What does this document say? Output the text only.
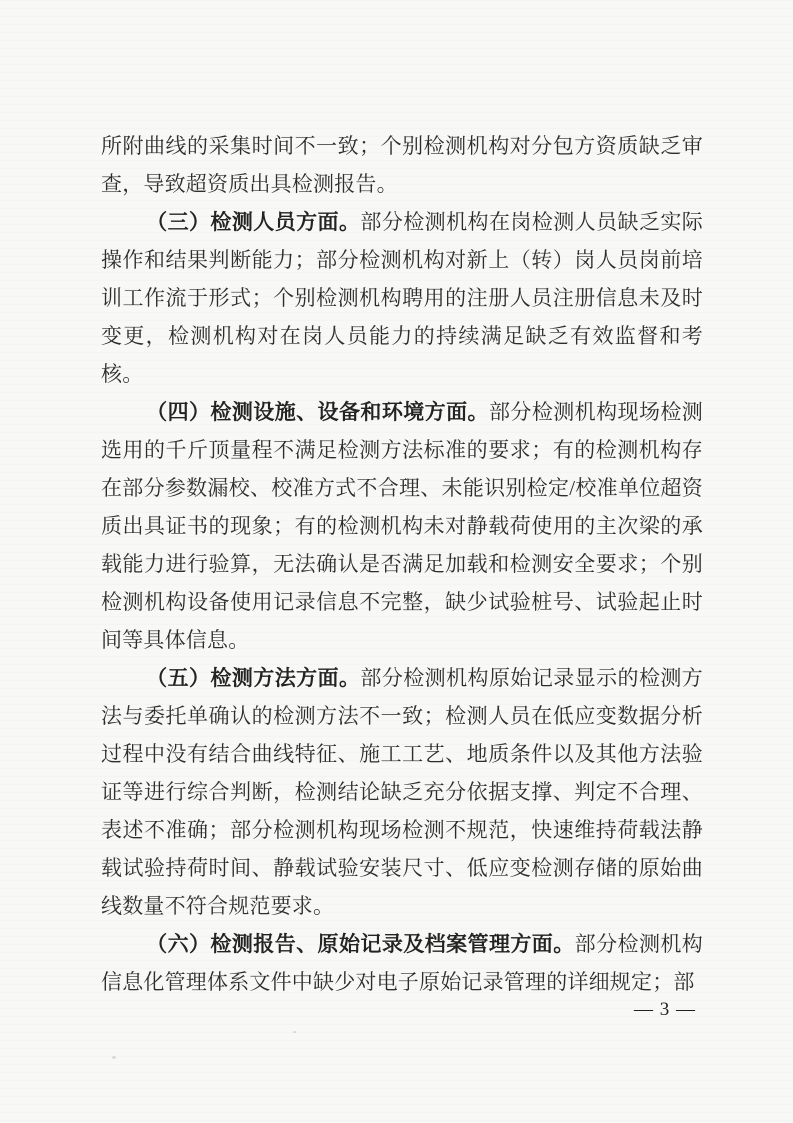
所附曲线的采集时间不一致；个别检测机构对分包方资质缺乏审查，导致超资质出具检测报告。

（三）检测人员方面。部分检测机构在岗检测人员缺乏实际操作和结果判断能力；部分检测机构对新上（转）岗人员岗前培训工作流于形式；个别检测机构聘用的注册人员注册信息未及时变更，检测机构对在岗人员能力的持续满足缺乏有效监督和考核。

（四）检测设施、设备和环境方面。部分检测机构现场检测选用的千斤顶量程不满足检测方法标准的要求；有的检测机构存在部分参数漏校、校准方式不合理、未能识别检定/校准单位超资质出具证书的现象；有的检测机构未对静载荷使用的主次梁的承载能力进行验算，无法确认是否满足加载和检测安全要求；个别检测机构设备使用记录信息不完整，缺少试验桩号、试验起止时间等具体信息。

（五）检测方法方面。部分检测机构原始记录显示的检测方法与委托单确认的检测方法不一致；检测人员在低应变数据分析过程中没有结合曲线特征、施工工艺、地质条件以及其他方法验证等进行综合判断，检测结论缺乏充分依据支撑、判定不合理、表述不准确；部分检测机构现场检测不规范，快速维持荷载法静载试验持荷时间、静载试验安装尺寸、低应变检测存储的原始曲线数量不符合规范要求。

（六）检测报告、原始记录及档案管理方面。部分检测机构信息化管理体系文件中缺少对电子原始记录管理的详细规定；部

— 3 —
